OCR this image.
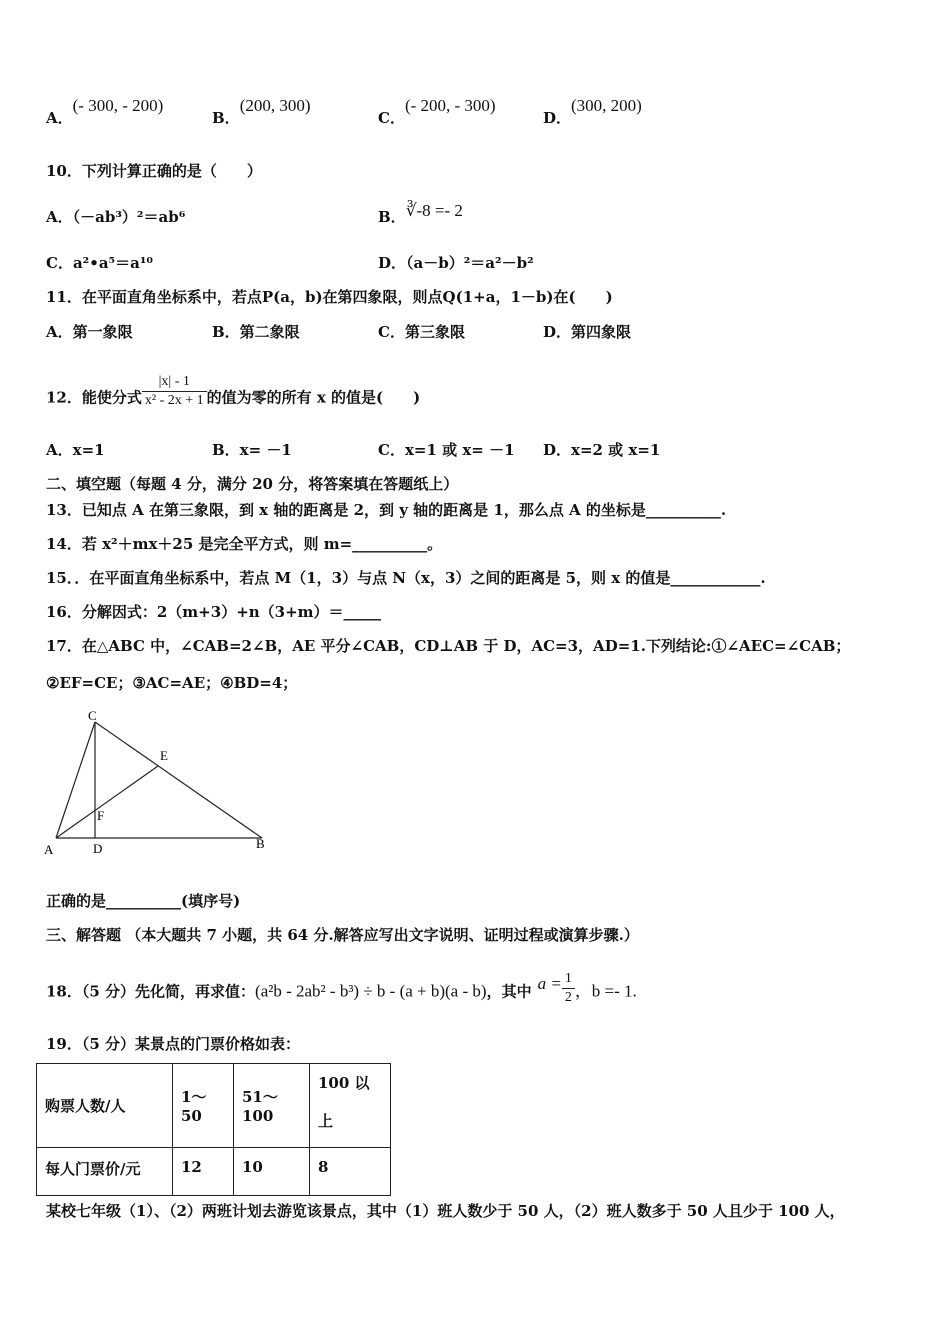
A．(- 300, - 200)
B．(200, 300)
C．(- 200, - 300)
D．(300, 200)
10．下列计算正确的是（　　）
A．（－ab³）²＝ab⁶	B．∛-8 =- 2
C．a²•a⁵＝a¹⁰	D．（a－b）²＝a²－b²
11．在平面直角坐标系中，若点P(a，b)在第四象限，则点Q(1+a，1－b)在(　　)
A．第一象限	B．第二象限	C．第三象限	D．第四象限
12．能使分式 $\frac{|x| - 1}{\text{x² - 2x + 1}}$ 的值为零的所有 x 的值是(　　)
A．x=1	B．x= －1	C．x=1 或 x= －1 D．x=2 或 x=1
二、填空题（每题 4 分，满分 20 分，将答案填在答题纸上）
13．已知点 A 在第三象限，到 x 轴的距离是 2，到 y 轴的距离是 1，那么点 A 的坐标是__________.
14．若 x²＋mx＋25 是完全平方式，则 m=__________。
15．．在平面直角坐标系中，若点 M（1，3）与点 N（x，3）之间的距离是 5，则 x 的值是____________.
16．分解因式：2（m+3）+n（3+m）＝_____
17．在△ABC 中，∠CAB=2∠B，AE 平分∠CAB，CD⊥AB 于 D，AC=3，AD=1.下列结论:①∠AEC=∠CAB；
②EF=CE；③AC=AE；④BD=4；
C
E
F
A	D	B
正确的是__________(填序号)
三、解答题 （本大题共 7 小题，共 64 分.解答应写出文字说明、证明过程或演算步骤.）
18．（5 分）先化简，再求值：(a²b - 2ab² - b³) ÷ b - (a + b)(a - b)，其中 $a = \frac{1}{2}$ ，b =- 1.
19．（5 分）某景点的门票价格如表：
购票人数/人	1～50	51～100	100 以上
每人门票价/元	12	10	8
某校七年级（1）、（2）两班计划去游览该景点，其中（1）班人数少于 50 人，（2）班人数多于 50 人且少于 100 人，
